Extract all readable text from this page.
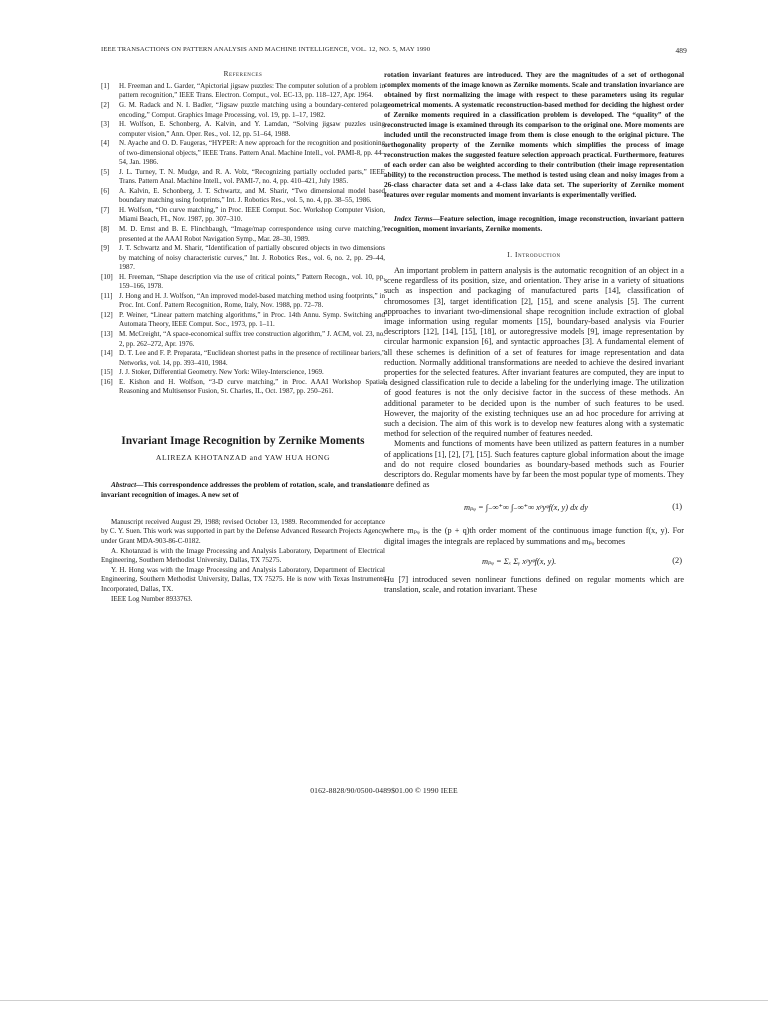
IEEE TRANSACTIONS ON PATTERN ANALYSIS AND MACHINE INTELLIGENCE, VOL. 12, NO. 5, MAY 1990	489
References
[1] H. Freeman and L. Garder, “Apictorial jigsaw puzzles: The computer solution of a problem in pattern recognition,” IEEE Trans. Electron. Comput., vol. EC-13, pp. 118–127, Apr. 1964.
[2] G. M. Radack and N. I. Badler, “Jigsaw puzzle matching using a boundary-centered polar encoding,” Comput. Graphics Image Processing, vol. 19, pp. 1–17, 1982.
[3] H. Wolfson, E. Schonberg, A. Kalvin, and Y. Lamdan, “Solving jigsaw puzzles using computer vision,” Ann. Oper. Res., vol. 12, pp. 51–64, 1988.
[4] N. Ayache and O. D. Faugeras, “HYPER: A new approach for the recognition and positioning of two-dimensional objects,” IEEE Trans. Pattern Anal. Machine Intell., vol. PAMI-8, pp. 44–54, Jan. 1986.
[5] J. L. Turney, T. N. Mudge, and R. A. Volz, “Recognizing partially occluded parts,” IEEE Trans. Pattern Anal. Machine Intell., vol. PAMI-7, no. 4, pp. 410–421, July 1985.
[6] A. Kalvin, E. Schonberg, J. T. Schwartz, and M. Sharir, “Two dimensional model based boundary matching using footprints,” Int. J. Robotics Res., vol. 5, no. 4, pp. 38–55, 1986.
[7] H. Wolfson, “On curve matching,” in Proc. IEEE Comput. Soc. Workshop Computer Vision, Miami Beach, FL, Nov. 1987, pp. 307–310.
[8] M. D. Ernst and B. E. Flinchbaugh, “Image/map correspondence using curve matching,” presented at the AAAI Robot Navigation Symp., Mar. 28–30, 1989.
[9] J. T. Schwartz and M. Sharir, “Identification of partially obscured objects in two dimensions by matching of noisy characteristic curves,” Int. J. Robotics Res., vol. 6, no. 2, pp. 29–44, 1987.
[10] H. Freeman, “Shape description via the use of critical points,” Pattern Recogn., vol. 10, pp. 159–166, 1978.
[11] J. Hong and H. J. Wolfson, “An improved model-based matching method using footprints,” in Proc. Int. Conf. Pattern Recognition, Rome, Italy, Nov. 1988, pp. 72–78.
[12] P. Weiner, “Linear pattern matching algorithms,” in Proc. 14th Annu. Symp. Switching and Automata Theory, IEEE Comput. Soc., 1973, pp. 1–11.
[13] M. McCreight, “A space-economical suffix tree construction algorithm,” J. ACM, vol. 23, no. 2, pp. 262–272, Apr. 1976.
[14] D. T. Lee and F. P. Preparata, “Euclidean shortest paths in the presence of rectilinear bariers,” Networks, vol. 14, pp. 393–410, 1984.
[15] J. J. Stoker, Differential Geometry. New York: Wiley-Interscience, 1969.
[16] E. Kishon and H. Wolfson, “3-D curve matching,” in Proc. AAAI Workshop Spatial Reasoning and Multisensor Fusion, St. Charles, IL, Oct. 1987, pp. 250–261.
Invariant Image Recognition by Zernike Moments
ALIREZA KHOTANZAD and YAW HUA HONG
Abstract—This correspondence addresses the problem of rotation, scale, and translation invariant recognition of images. A new set of

Manuscript received August 29, 1988; revised October 13, 1989. Recommended for acceptance by C. Y. Suen. This work was supported in part by the Defense Advanced Research Projects Agency under Grant MDA-903-86-C-0182.

A. Khotanzad is with the Image Processing and Analysis Laboratory, Department of Electrical Engineering, Southern Methodist University, Dallas, TX 75275.

Y. H. Hong was with the Image Processing and Analysis Laboratory, Department of Electrical Engineering, Southern Methodist University, Dallas, TX 75275. He is now with Texas Instruments Incorporated, Dallas, TX.

IEEE Log Number 8933763.

rotation invariant features are introduced. They are the magnitudes of a set of orthogonal complex moments of the image known as Zernike moments. Scale and translation invariance are obtained by first normalizing the image with respect to these parameters using its regular geometrical moments. A systematic reconstruction-based method for deciding the highest order of Zernike moments required in a classification problem is developed. The “quality” of the reconstructed image is examined through its comparison to the original one. More moments are included until the reconstructed image from them is close enough to the original picture. The orthogonality property of the Zernike moments which simplifies the process of image reconstruction makes the suggested feature selection approach practical. Furthermore, features of each order can also be weighted according to their contribution (their image representation ability) to the reconstruction process. The method is tested using clean and noisy images from a 26-class character data set and a 4-class lake data set. The superiority of Zernike moment features over regular moments and moment invariants is experimentally verified.
Index Terms—Feature selection, image recognition, image reconstruction, invariant pattern recognition, moment invariants, Zernike moments.
I. Introduction

An important problem in pattern analysis is the automatic recognition of an object in a scene regardless of its position, size, and orientation. They arise in a variety of situations such as inspection and packaging of manufactured parts [14], classification of chromosomes [3], target identification [2], [15], and scene analysis [5]. The current approaches to invariant two-dimensional shape recognition include extraction of global image information using regular moments [15], boundary-based analysis via Fourier descriptors [12], [14], [15], [18], or autoregressive models [9], image representation by circular harmonic expansion [6], and syntactic approaches [3]. A fundamental element of all these schemes is definition of a set of features for image representation and data reduction. Normally additional transformations are needed to achieve the desired invariant properties for the selected features. After invariant features are computed, they are input to a designed classification rule to decide a labeling for the underlying image. The utilization of good features is not the only decisive factor in the success of these methods. An additional parameter to be decided upon is the number of such features to be used. However, the majority of the existing techniques use an ad hoc procedure for arriving at such a decision. The aim of this work is to develop new features along with a systematic method for selection of the required number of features needed.

Moments and functions of moments have been utilized as pattern features in a number of applications [1], [2], [7], [15]. Such features capture global information about the image and do not require closed boundaries as boundary-based methods such as Fourier descriptors do. Regular moments have by far been the most popular type of moments. They are defined as

mₚᵩ = ∫₋∞⁺∞ ∫₋∞⁺∞ xᵖyᵠf(x, y) dx dy	(1)

where mₚᵩ is the (p + q)th order moment of the continuous image function f(x, y). For digital images the integrals are replaced by summations and mₚᵩ becomes

mₚᵩ = Σₓ Σᵧ xᵖyᵠf(x, y).	(2)

Hu [7] introduced seven nonlinear functions defined on regular moments which are translation, scale, and rotation invariant. These

0162-8828/90/0500-0489$01.00 © 1990 IEEE
